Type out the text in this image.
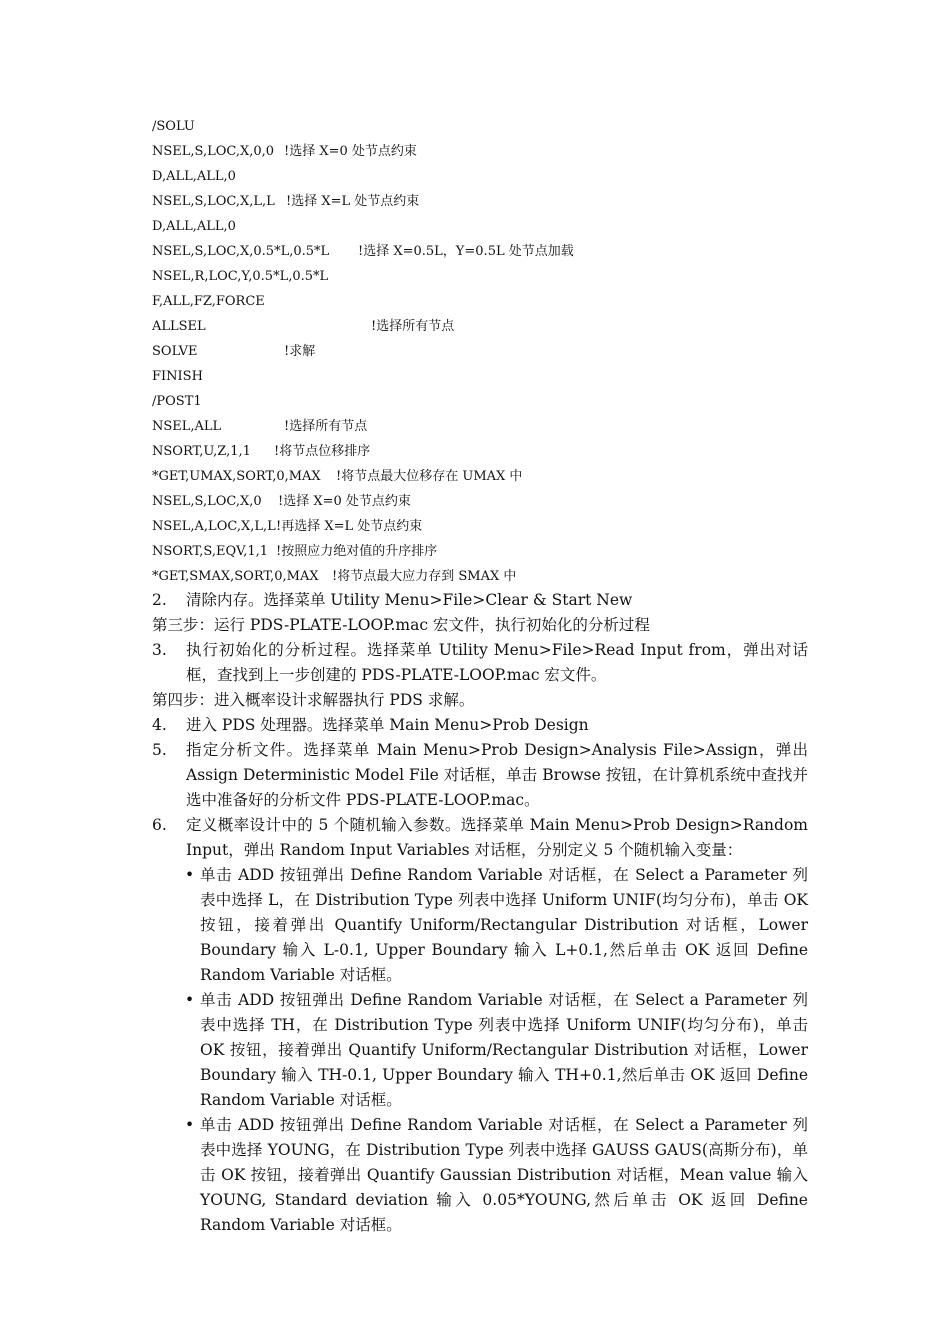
/SOLU
NSEL,S,LOC,X,0,0 !选择 X=0 处节点约束
D,ALL,ALL,0
NSEL,S,LOC,X,L,L !选择 X=L 处节点约束
D,ALL,ALL,0
NSEL,S,LOC,X,0.5*L,0.5*L !选择 X=0.5L，Y=0.5L 处节点加载
NSEL,R,LOC,Y,0.5*L,0.5*L
F,ALL,FZ,FORCE
ALLSEL	!选择所有节点
SOLVE	!求解
FINISH
/POST1
NSEL,ALL	!选择所有节点
NSORT,U,Z,1,1 !将节点位移排序
*GET,UMAX,SORT,0,MAX !将节点最大位移存在 UMAX 中
NSEL,S,LOC,X,0 !选择 X=0 处节点约束
NSEL,A,LOC,X,L,L !再选择 X=L 处节点约束
NSORT,S,EQV,1,1 !按照应力绝对值的升序排序
*GET,SMAX,SORT,0,MAX !将节点最大应力存到 SMAX 中
2. 清除内存。选择菜单 Utility Menu>File>Clear & Start New
第三步：运行 PDS-PLATE-LOOP.mac 宏文件，执行初始化的分析过程
3. 执行初始化的分析过程。选择菜单 Utility Menu>File>Read Input from，弹出对话框，查找到上一步创建的 PDS-PLATE-LOOP.mac 宏文件。
第四步：进入概率设计求解器执行 PDS 求解。
4. 进入 PDS 处理器。选择菜单 Main Menu>Prob Design
5. 指定分析文件。选择菜单 Main Menu>Prob Design>Analysis File>Assign，弹出 Assign Deterministic Model File 对话框，单击 Browse 按钮，在计算机系统中查找并选中准备好的分析文件 PDS-PLATE-LOOP.mac。
6. 定义概率设计中的 5 个随机输入参数。选择菜单 Main Menu>Prob Design>Random Input，弹出 Random Input Variables 对话框，分别定义 5 个随机输入变量：
• 单击 ADD 按钮弹出 Define Random Variable 对话框，在 Select a Parameter 列表中选择 L，在 Distribution Type 列表中选择 Uniform UNIF(均匀分布)，单击 OK 按钮，接着弹出 Quantify Uniform/Rectangular Distribution 对话框，Lower Boundary 输入 L-0.1, Upper Boundary 输入 L+0.1,然后单击 OK 返回 Define Random Variable 对话框。
• 单击 ADD 按钮弹出 Define Random Variable 对话框，在 Select a Parameter 列表中选择 TH，在 Distribution Type 列表中选择 Uniform UNIF(均匀分布)，单击 OK 按钮，接着弹出 Quantify Uniform/Rectangular Distribution 对话框，Lower Boundary 输入 TH-0.1, Upper Boundary 输入 TH+0.1,然后单击 OK 返回 Define Random Variable 对话框。
• 单击 ADD 按钮弹出 Define Random Variable 对话框，在 Select a Parameter 列表中选择 YOUNG，在 Distribution Type 列表中选择 GAUSS GAUS(高斯分布)，单击 OK 按钮，接着弹出 Quantify Gaussian Distribution 对话框，Mean value 输入 YOUNG, Standard deviation 输入 0.05*YOUNG,然后单击 OK 返回 Define Random Variable 对话框。
